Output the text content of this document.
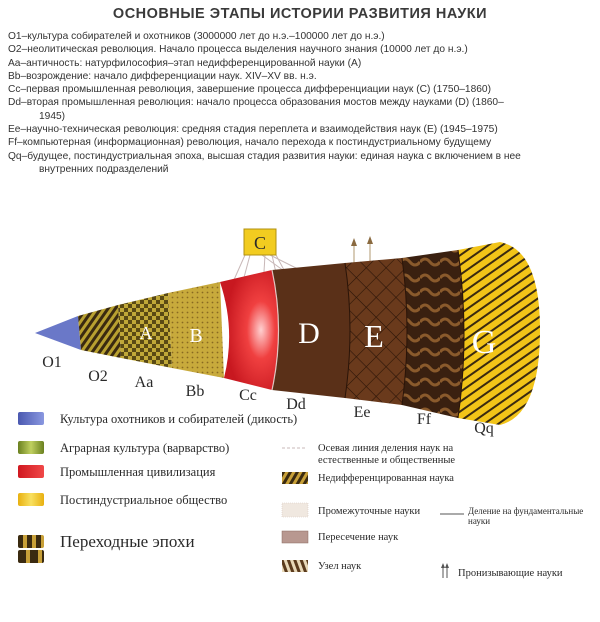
ОСНОВНЫЕ ЭТАПЫ ИСТОРИИ РАЗВИТИЯ НАУКИ
O1–культура собирателей и охотников (3000000 лет до н.э.–100000 лет до н.э.)
O2–неолитическая революция. Начало процесса выделения научного знания (10000 лет до н.э.)
Aa–античность: натурфилософия–этап недифференцированной науки (A)
Bb–возрождение: начало дифференциации наук. XIV–XV вв. н.э.
Cc–первая промышленная революция, завершение процесса дифференциации наук (C) (1750–1860)
Dd–вторая промышленная революция: начало процесса образования мостов между науками (D) (1860–
1945)
Ee–научно-техническая революция: средняя стадия переплета и взаимодействия наук (E) (1945–1975)
Ff–компьютерная (информационная) революция, начало перехода к постиндустриальному будущему
Qq–будущее, постиндустриальная эпоха, высшая стадия развития науки: единая наука с включением в нее
внутренних подразделений
C
A B	D E	G
O1
O2 Aa
Bb Cc
Dd	Ee	Ff
Qq
Культура охотников и собирателей (дикость)
Аграрная культура (варварство)
Промышленная цивилизация
Постиндустриальное общество
Переходные эпохи
Осевая линия деления наук на естественные и общественные
Недифференцированная наука
Промежуточные науки	Деление на фундаментальные науки
Пересечение наук
Узел наук
Пронизывающие науки
